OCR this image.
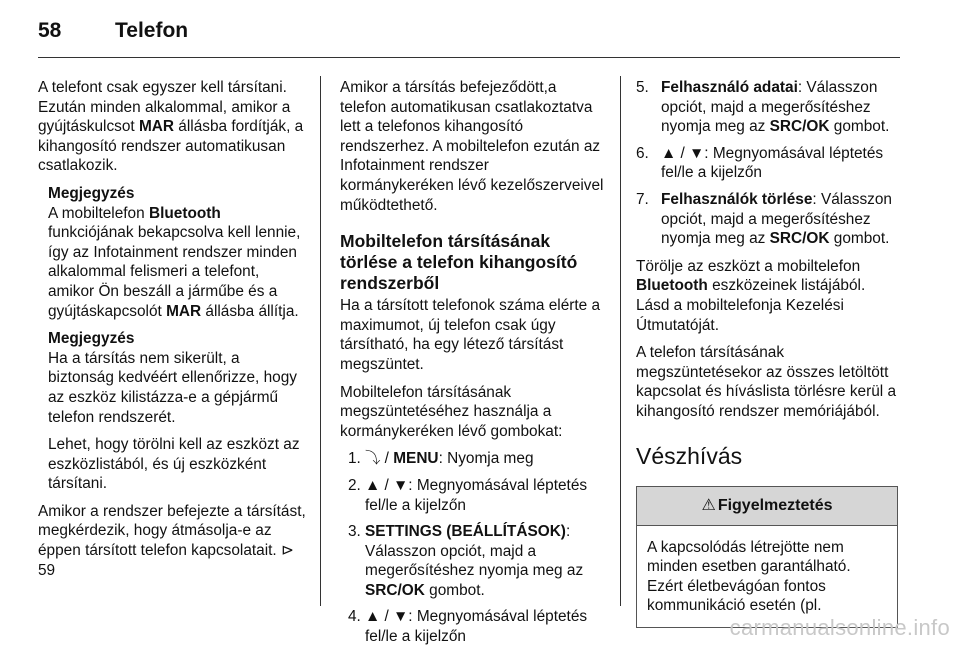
58	Telefon

A telefont csak egyszer kell társítani. Ezután minden alkalommal, amikor a gyújtáskulcsot MAR állásba fordítják, a kihangosító rendszer automatikusan csatlakozik.

Megjegyzés

A mobiltelefon Bluetooth funkciójának bekapcsolva kell lennie, így az Infotainment rendszer minden alkalommal felismeri a telefont, amikor Ön beszáll a járműbe és a gyújtáskapcsolót MAR állásba állítja.

Megjegyzés

Ha a társítás nem sikerült, a biztonság kedvéért ellenőrizze, hogy az eszköz kilistázza-e a gépjármű telefon rendszerét.

Lehet, hogy törölni kell az eszközt az eszközlistából, és új eszközként társítani.

Amikor a rendszer befejezte a társítást, megkérdezik, hogy átmásolja-e az éppen társított telefon kapcsolatait. ⊳ 59

Amikor a társítás befejeződött,a telefon automatikusan csatlakoztatva lett a telefonos kihangosító rendszerhez. A mobiltelefon ezután az Infotainment rendszer kormánykeréken lévő kezelőszerveivel működtethető.

Mobiltelefon társításának törlése a telefon kihangosító rendszerből

Ha a társított telefonok száma elérte a maximumot, új telefon csak úgy társítható, ha egy létező társítást megszüntet.

Mobiltelefon társításának megszüntetéséhez használja a kormánykeréken lévő gombokat:

1. ⤵ / MENU: Nyomja meg
2. ▲ / ▼: Megnyomásával léptetés fel/le a kijelzőn
3. SETTINGS (BEÁLLÍTÁSOK): Válasszon opciót, majd a megerősítéshez nyomja meg az SRC/OK gombot.
4. ▲ / ▼: Megnyomásával léptetés fel/le a kijelzőn
5. Felhasználó adatai: Válasszon opciót, majd a megerősítéshez nyomja meg az SRC/OK gombot.
6. ▲ / ▼: Megnyomásával léptetés fel/le a kijelzőn
7. Felhasználók törlése: Válasszon opciót, majd a megerősítéshez nyomja meg az SRC/OK gombot.

Törölje az eszközt a mobiltelefon Bluetooth eszközeinek listájából. Lásd a mobiltelefonja Kezelési Útmutatóját.

A telefon társításának megszüntetésekor az összes letöltött kapcsolat és híváslista törlésre kerül a kihangosító rendszer memóriájából.

Vészhívás
⚠ Figyelmeztetés
A kapcsolódás létrejötte nem minden esetben garantálható. Ezért életbevágóan fontos kommunikáció esetén (pl.
carmanualsonline.info
